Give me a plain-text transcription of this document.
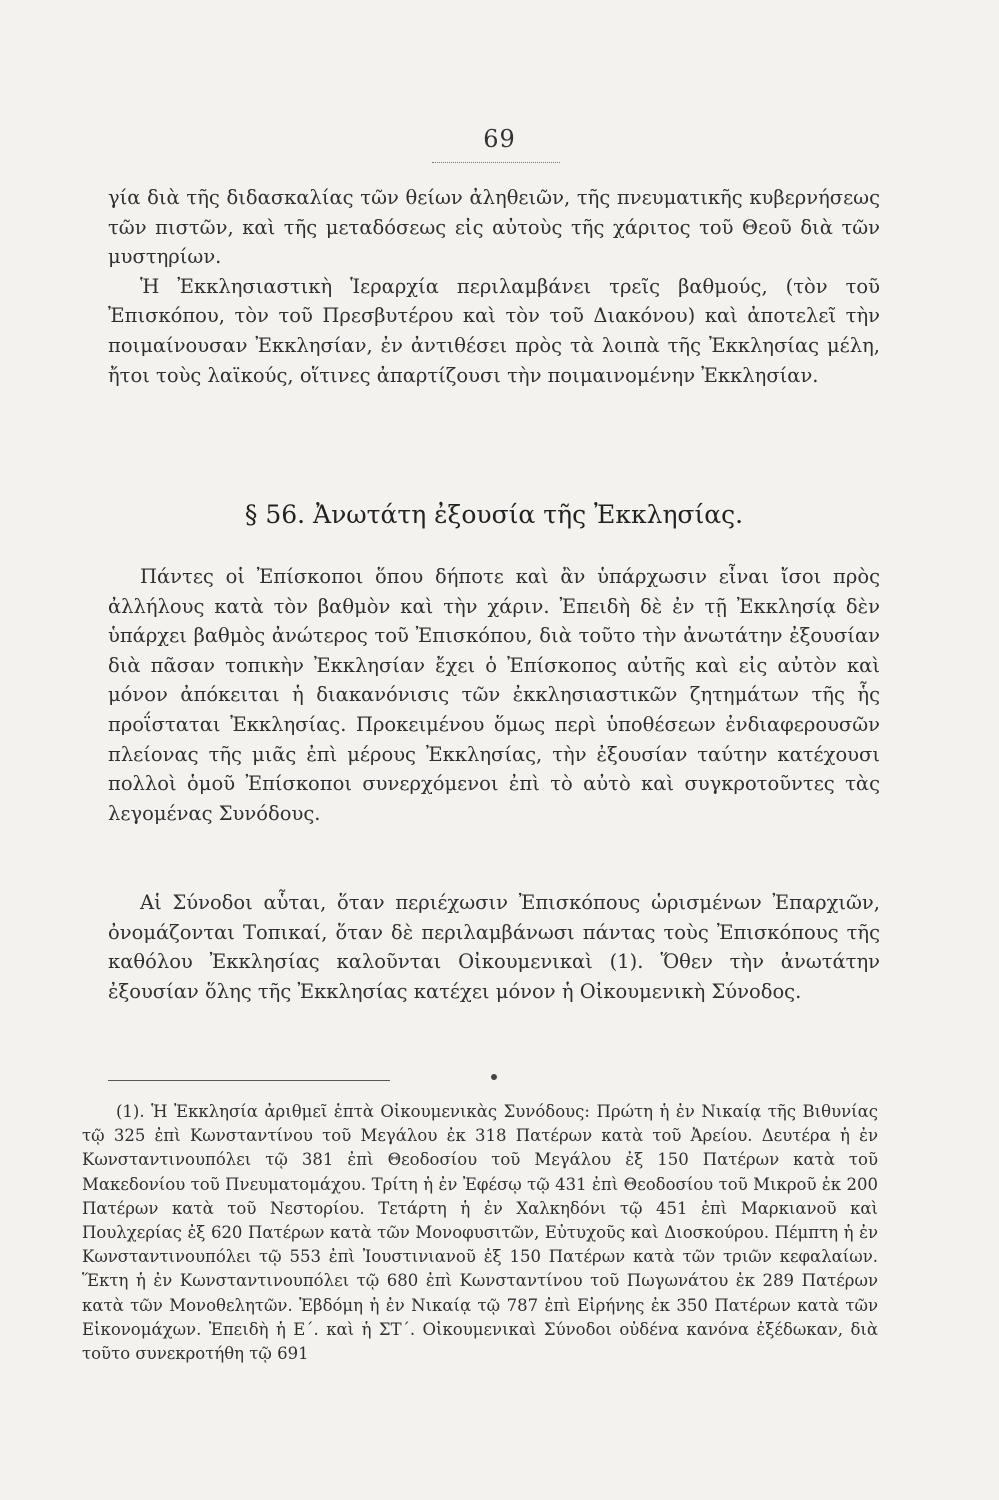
69

γία διὰ τῆς διδασκαλίας τῶν θείων ἀληθειῶν, τῆς πνευματικῆς κυβερνήσεως τῶν πιστῶν, καὶ τῆς μεταδόσεως εἰς αὐτοὺς τῆς χάριτος τοῦ Θεοῦ διὰ τῶν μυστηρίων.

Ἡ Ἐκκλησιαστικὴ Ἱεραρχία περιλαμβάνει τρεῖς βαθμούς, (τὸν τοῦ Ἐπισκόπου, τὸν τοῦ Πρεσβυτέρου καὶ τὸν τοῦ Διακόνου) καὶ ἀποτελεῖ τὴν ποιμαίνουσαν Ἐκκλησίαν, ἐν ἀντιθέσει πρὸς τὰ λοιπὰ τῆς Ἐκκλησίας μέλη, ἤτοι τοὺς λαϊκούς, οἵτινες ἀπαρτίζουσι τὴν ποιμαινομένην Ἐκκλησίαν.

§ 56. Ἀνωτάτη ἐξουσία τῆς Ἐκκλησίας.

Πάντες οἱ Ἐπίσκοποι ὅπου δήποτε καὶ ἂν ὑπάρχωσιν εἶναι ἴσοι πρὸς ἀλλήλους κατὰ τὸν βαθμὸν καὶ τὴν χάριν. Ἐπειδὴ δὲ ἐν τῇ Ἐκκλησίᾳ δὲν ὑπάρχει βαθμὸς ἀνώτερος τοῦ Ἐπισκόπου, διὰ τοῦτο τὴν ἀνωτάτην ἐξουσίαν διὰ πᾶσαν τοπικὴν Ἐκκλησίαν ἔχει ὁ Ἐπίσκοπος αὐτῆς καὶ εἰς αὐτὸν καὶ μόνον ἀπόκειται ἡ διακανόνισις τῶν ἐκκλησιαστικῶν ζητημάτων τῆς ἧς προΐσταται Ἐκκλησίας. Προκειμένου ὅμως περὶ ὑποθέσεων ἐνδιαφερουσῶν πλείονας τῆς μιᾶς ἐπὶ μέρους Ἐκκλησίας, τὴν ἐξουσίαν ταύτην κατέχουσι πολλοὶ ὁμοῦ Ἐπίσκοποι συνερχόμενοι ἐπὶ τὸ αὐτὸ καὶ συγκροτοῦντες τὰς λεγομένας Συνόδους.

Αἱ Σύνοδοι αὗται, ὅταν περιέχωσιν Ἐπισκόπους ὡρισμένων Ἐπαρχιῶν, ὀνομάζονται Τοπικαί, ὅταν δὲ περιλαμβάνωσι πάντας τοὺς Ἐπισκόπους τῆς καθόλου Ἐκκλησίας καλοῦνται Οἰκουμενικαὶ (1). Ὅθεν τὴν ἀνωτάτην ἐξουσίαν ὅλης τῆς Ἐκκλησίας κατέχει μόνον ἡ Οἰκουμενικὴ Σύνοδος.

(1). Ἡ Ἐκκλησία ἀριθμεῖ ἑπτὰ Οἰκουμενικὰς Συνόδους: Πρώτη ἡ ἐν Νικαίᾳ τῆς Βιθυνίας τῷ 325 ἐπὶ Κωνσταντίνου τοῦ Μεγάλου ἐκ 318 Πατέρων κατὰ τοῦ Ἀρείου. Δευτέρα ἡ ἐν Κωνσταντινουπόλει τῷ 381 ἐπὶ Θεοδοσίου τοῦ Μεγάλου ἐξ 150 Πατέρων κατὰ τοῦ Μακεδονίου τοῦ Πνευματομάχου. Τρίτη ἡ ἐν Ἐφέσῳ τῷ 431 ἐπὶ Θεοδοσίου τοῦ Μικροῦ ἐκ 200 Πατέρων κατὰ τοῦ Νεστορίου. Τετάρτη ἡ ἐν Χαλκηδόνι τῷ 451 ἐπὶ Μαρκιανοῦ καὶ Πουλχερίας ἐξ 620 Πατέρων κατὰ τῶν Μονοφυσιτῶν, Εὐτυχοῦς καὶ Διοσκούρου. Πέμπτη ἡ ἐν Κωνσταντινουπόλει τῷ 553 ἐπὶ Ἰουστινιανοῦ ἐξ 150 Πατέρων κατὰ τῶν τριῶν κεφαλαίων. Ἕκτη ἡ ἐν Κωνσταντινουπόλει τῷ 680 ἐπὶ Κωνσταντίνου τοῦ Πωγωνάτου ἐκ 289 Πατέρων κατὰ τῶν Μονοθελητῶν. Ἑβδόμη ἡ ἐν Νικαίᾳ τῷ 787 ἐπὶ Εἰρήνης ἐκ 350 Πατέρων κατὰ τῶν Εἰκονομάχων. Ἐπειδὴ ἡ Ε΄. καὶ ἡ ΣΤ΄. Οἰκουμενικαὶ Σύνοδοι οὐδένα κανόνα ἐξέδωκαν, διὰ τοῦτο συνεκροτήθη τῷ 691
